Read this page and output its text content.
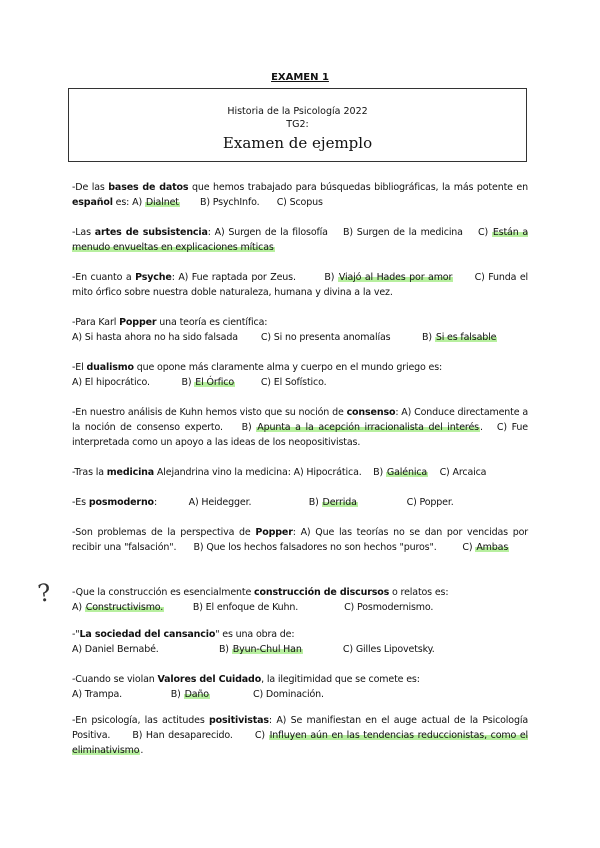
EXAMEN 1
Historia de la Psicología 2022
TG2:
Examen de ejemplo
?
-De las bases de datos que hemos trabajado para búsquedas bibliográficas, la más potente en español es: A) Dialnet B) PsychInfo. C) Scopus
-Las artes de subsistencia: A) Surgen de la filosofía B) Surgen de la medicina C) Están a menudo envueltas en explicaciones míticas
-En cuanto a Psyche: A) Fue raptada por Zeus.	B) Viajó al Hades por amor C) Funda el mito órfico sobre nuestra doble naturaleza, humana y divina a la vez.
-Para Karl Popper una teoría es científica:
A) Si hasta ahora no ha sido falsada C) Si no presenta anomalías	B) Si es falsable
-El dualismo que opone más claramente alma y cuerpo en el mundo griego es:
A) El hipocrático.	B) El Órfico	C) El Sofístico.
-En nuestro análisis de Kuhn hemos visto que su noción de consenso: A) Conduce directamente a la noción de consenso experto. B) Apunta a la acepción irracionalista del interés. C) Fue interpretada como un apoyo a las ideas de los neopositivistas.
-Tras la medicina Alejandrina vino la medicina: A) Hipocrática. B) Galénica C) Arcaica
-Es posmoderno:	A) Heidegger.	B) Derrida	C) Popper.
-Son problemas de la perspectiva de Popper: A) Que las teorías no se dan por vencidas por recibir una "falsación". B) Que los hechos falsadores no son hechos "puros".	C) Ambas
-Que la construcción es esencialmente construcción de discursos o relatos es:
A) Constructivismo.	B) El enfoque de Kuhn.	C) Posmodernismo.
-"La sociedad del cansancio" es una obra de:
A) Daniel Bernabé.	B) Byun-Chul Han	C) Gilles Lipovetsky.
-Cuando se violan Valores del Cuidado, la ilegitimidad que se comete es:
A) Trampa.	B) Daño	C) Dominación.
-En psicología, las actitudes positivistas: A) Se manifiestan en el auge actual de la Psicología Positiva. B) Han desaparecido. C) Influyen aún en las tendencias reduccionistas, como el eliminativismo.
